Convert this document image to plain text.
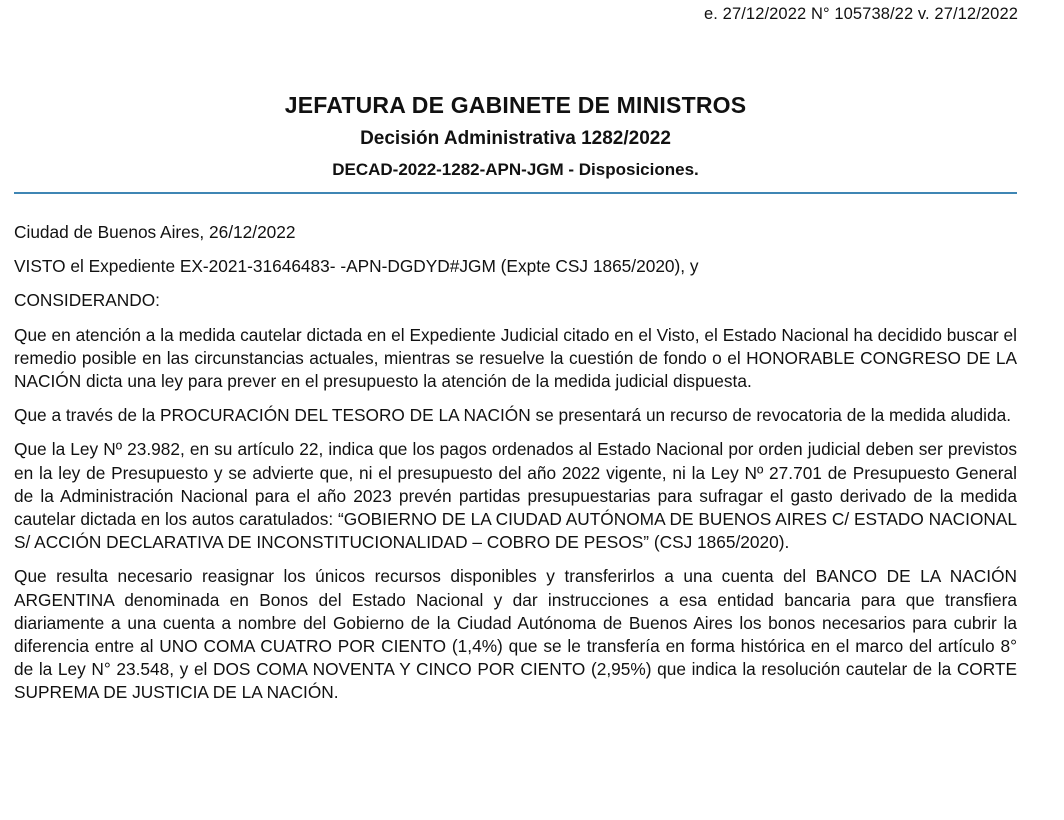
e. 27/12/2022 N° 105738/22 v. 27/12/2022
JEFATURA DE GABINETE DE MINISTROS
Decisión Administrativa 1282/2022
DECAD-2022-1282-APN-JGM - Disposiciones.

Ciudad de Buenos Aires, 26/12/2022

VISTO el Expediente EX-2021-31646483- -APN-DGDYD#JGM (Expte CSJ 1865/2020), y

CONSIDERANDO:

Que en atención a la medida cautelar dictada en el Expediente Judicial citado en el Visto, el Estado Nacional ha decidido buscar el remedio posible en las circunstancias actuales, mientras se resuelve la cuestión de fondo o el HONORABLE CONGRESO DE LA NACIÓN dicta una ley para prever en el presupuesto la atención de la medida judicial dispuesta.

Que a través de la PROCURACIÓN DEL TESORO DE LA NACIÓN se presentará un recurso de revocatoria de la medida aludida.

Que la Ley Nº 23.982, en su artículo 22, indica que los pagos ordenados al Estado Nacional por orden judicial deben ser previstos en la ley de Presupuesto y se advierte que, ni el presupuesto del año 2022 vigente, ni la Ley Nº 27.701 de Presupuesto General de la Administración Nacional para el año 2023 prevén partidas presupuestarias para sufragar el gasto derivado de la medida cautelar dictada en los autos caratulados: “GOBIERNO DE LA CIUDAD AUTÓNOMA DE BUENOS AIRES C/ ESTADO NACIONAL S/ ACCIÓN DECLARATIVA DE INCONSTITUCIONALIDAD – COBRO DE PESOS” (CSJ 1865/2020).

Que resulta necesario reasignar los únicos recursos disponibles y transferirlos a una cuenta del BANCO DE LA NACIÓN ARGENTINA denominada en Bonos del Estado Nacional y dar instrucciones a esa entidad bancaria para que transfiera diariamente a una cuenta a nombre del Gobierno de la Ciudad Autónoma de Buenos Aires los bonos necesarios para cubrir la diferencia entre al UNO COMA CUATRO POR CIENTO (1,4%) que se le transfería en forma histórica en el marco del artículo 8° de la Ley N° 23.548, y el DOS COMA NOVENTA Y CINCO POR CIENTO (2,95%) que indica la resolución cautelar de la CORTE SUPREMA DE JUSTICIA DE LA NACIÓN.
